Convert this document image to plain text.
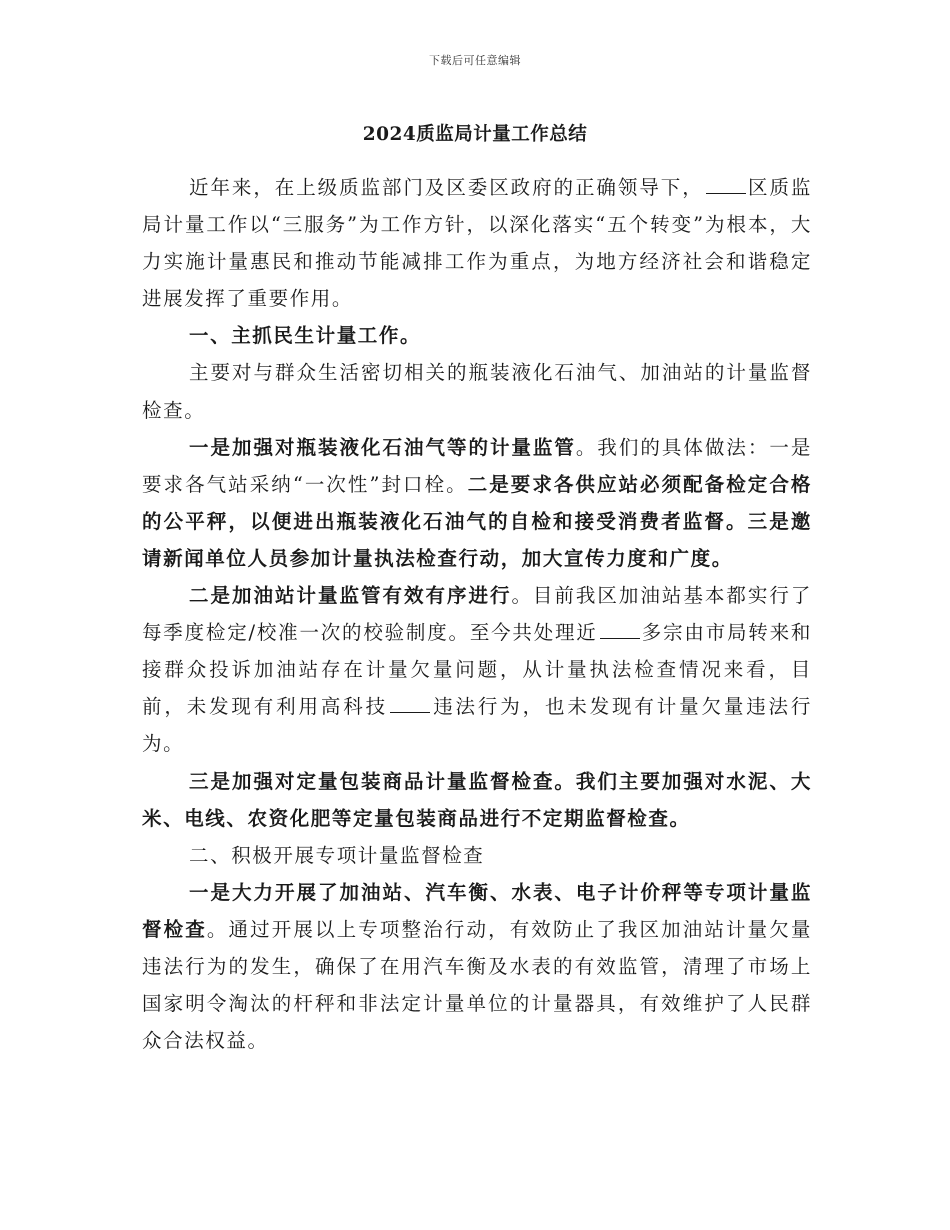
下载后可任意编辑
2024质监局计量工作总结

近年来，在上级质监部门及区委区政府的正确领导下， 区质监局计量工作以“三服务”为工作方针，以深化落实“五个转变”为根本，大力实施计量惠民和推动节能减排工作为重点，为地方经济社会和谐稳定进展发挥了重要作用。

一、主抓民生计量工作。

主要对与群众生活密切相关的瓶装液化石油气、加油站的计量监督检查。

一是加强对瓶装液化石油气等的计量监管。我们的具体做法：一是要求各气站采纳“一次性”封口栓。二是要求各供应站必须配备检定合格的公平秤，以便进出瓶装液化石油气的自检和接受消费者监督。三是邀请新闻单位人员参加计量执法检查行动，加大宣传力度和广度。

二是加油站计量监管有效有序进行。目前我区加油站基本都实行了每季度检定/校准一次的校验制度。至今共处理近 多宗由市局转来和接群众投诉加油站存在计量欠量问题，从计量执法检查情况来看，目前，未发现有利用高科技 违法行为，也未发现有计量欠量违法行为。

三是加强对定量包装商品计量监督检查。我们主要加强对水泥、大米、电线、农资化肥等定量包装商品进行不定期监督检查。

二、积极开展专项计量监督检查

一是大力开展了加油站、汽车衡、水表、电子计价秤等专项计量监督检查。通过开展以上专项整治行动，有效防止了我区加油站计量欠量违法行为的发生，确保了在用汽车衡及水表的有效监管，清理了市场上国家明令淘汰的杆秤和非法定计量单位的计量器具，有效维护了人民群众合法权益。
